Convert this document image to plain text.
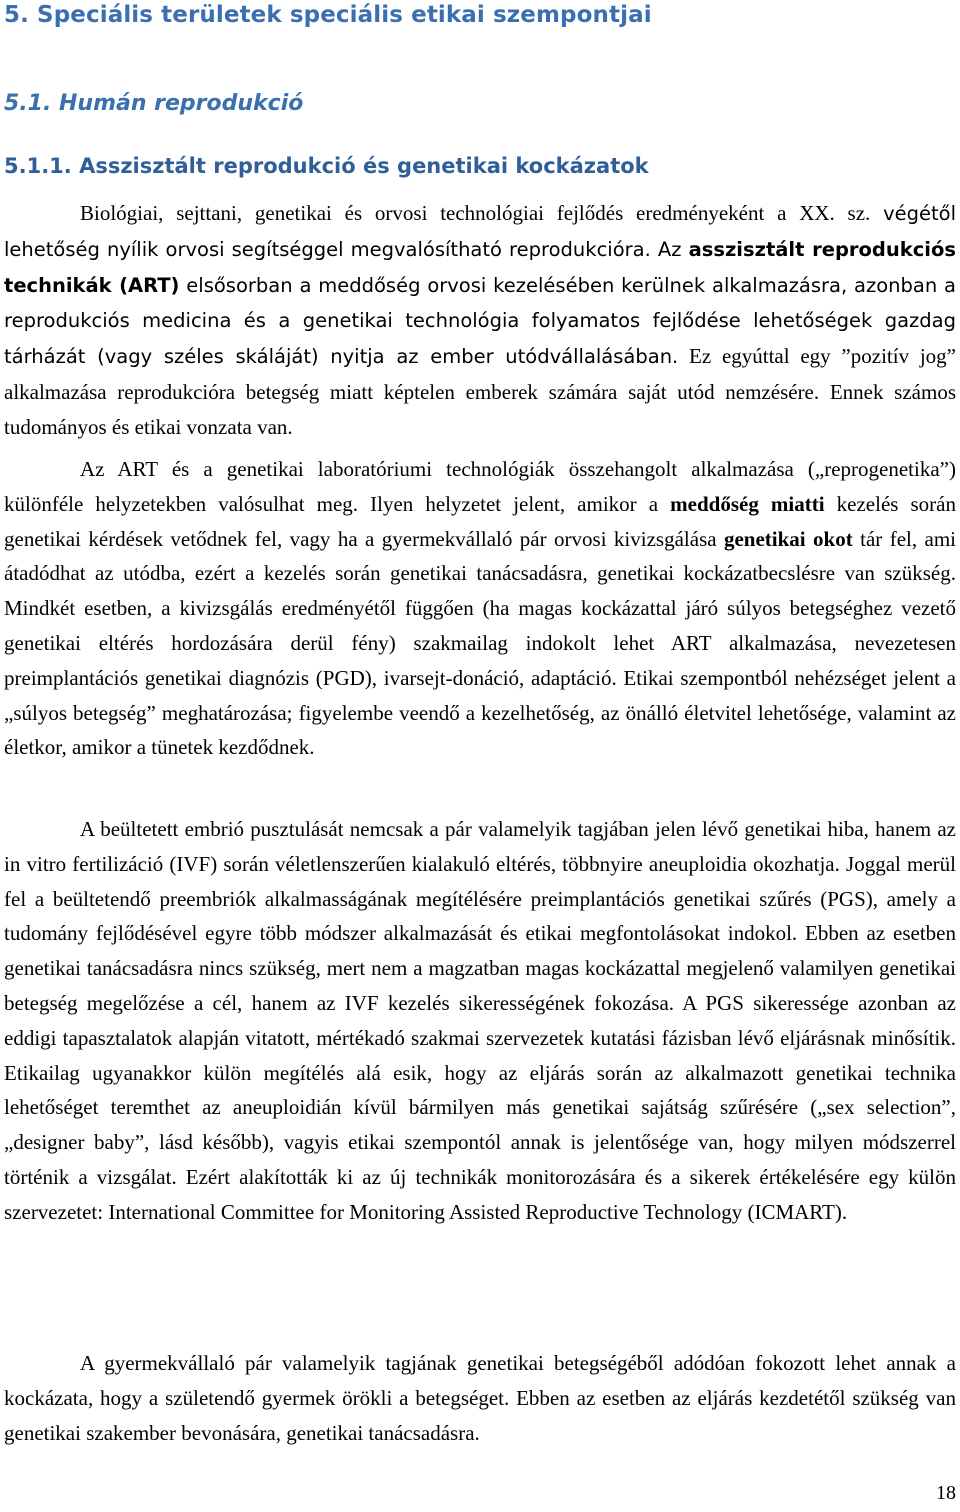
5. Speciális területek speciális etikai szempontjai
5.1. Humán reprodukció
5.1.1. Asszisztált reprodukció és genetikai kockázatok

Biológiai, sejttani, genetikai és orvosi technológiai fejlődés eredményeként a XX. sz. végétől lehetőség nyílik orvosi segítséggel megvalósítható reprodukcióra. Az asszisztált reprodukciós technikák (ART) elsősorban a meddőség orvosi kezelésében kerülnek alkalmazásra, azonban a reprodukciós medicina és a genetikai technológia folyamatos fejlődése lehetőségek gazdag tárházát (vagy széles skáláját) nyitja az ember utódvállalásában. Ez egyúttal egy ”pozitív jog” alkalmazása reprodukcióra betegség miatt képtelen emberek számára saját utód nemzésére. Ennek számos tudományos és etikai vonzata van.

Az ART és a genetikai laboratóriumi technológiák összehangolt alkalmazása („reprogenetika”) különféle helyzetekben valósulhat meg. Ilyen helyzetet jelent, amikor a meddőség miatti kezelés során genetikai kérdések vetődnek fel, vagy ha a gyermekvállaló pár orvosi kivizsgálása genetikai okot tár fel, ami átadódhat az utódba, ezért a kezelés során genetikai tanácsadásra, genetikai kockázatbecslésre van szükség. Mindkét esetben, a kivizsgálás eredményétől függően (ha magas kockázattal járó súlyos betegséghez vezető genetikai eltérés hordozására derül fény) szakmailag indokolt lehet ART alkalmazása, nevezetesen preimplantációs genetikai diagnózis (PGD), ivarsejt-donáció, adaptáció. Etikai szempontból nehézséget jelent a „súlyos betegség” meghatározása; figyelembe veendő a kezelhetőség, az önálló életvitel lehetősége, valamint az életkor, amikor a tünetek kezdődnek.

A beültetett embrió pusztulását nemcsak a pár valamelyik tagjában jelen lévő genetikai hiba, hanem az in vitro fertilizáció (IVF) során véletlenszerűen kialakuló eltérés, többnyire aneuploidia okozhatja. Joggal merül fel a beültetendő preembriók alkalmasságának megítélésére preimplantációs genetikai szűrés (PGS), amely a tudomány fejlődésével egyre több módszer alkalmazását és etikai megfontolásokat indokol. Ebben az esetben genetikai tanácsadásra nincs szükség, mert nem a magzatban magas kockázattal megjelenő valamilyen genetikai betegség megelőzése a cél, hanem az IVF kezelés sikerességének fokozása. A PGS sikeressége azonban az eddigi tapasztalatok alapján vitatott, mértékadó szakmai szervezetek kutatási fázisban lévő eljárásnak minősítik. Etikailag ugyanakkor külön megítélés alá esik, hogy az eljárás során az alkalmazott genetikai technika lehetőséget teremthet az aneuploidián kívül bármilyen más genetikai sajátság szűrésére („sex selection”, „designer baby”, lásd később), vagyis etikai szempontól annak is jelentősége van, hogy milyen módszerrel történik a vizsgálat. Ezért alakították ki az új technikák monitorozására és a sikerek értékelésére egy külön szervezetet: International Committee for Monitoring Assisted Reproductive Technology (ICMART).

A gyermekvállaló pár valamelyik tagjának genetikai betegségéből adódóan fokozott lehet annak a kockázata, hogy a születendő gyermek örökli a betegséget. Ebben az esetben az eljárás kezdetétől szükség van genetikai szakember bevonására, genetikai tanácsadásra.

18
